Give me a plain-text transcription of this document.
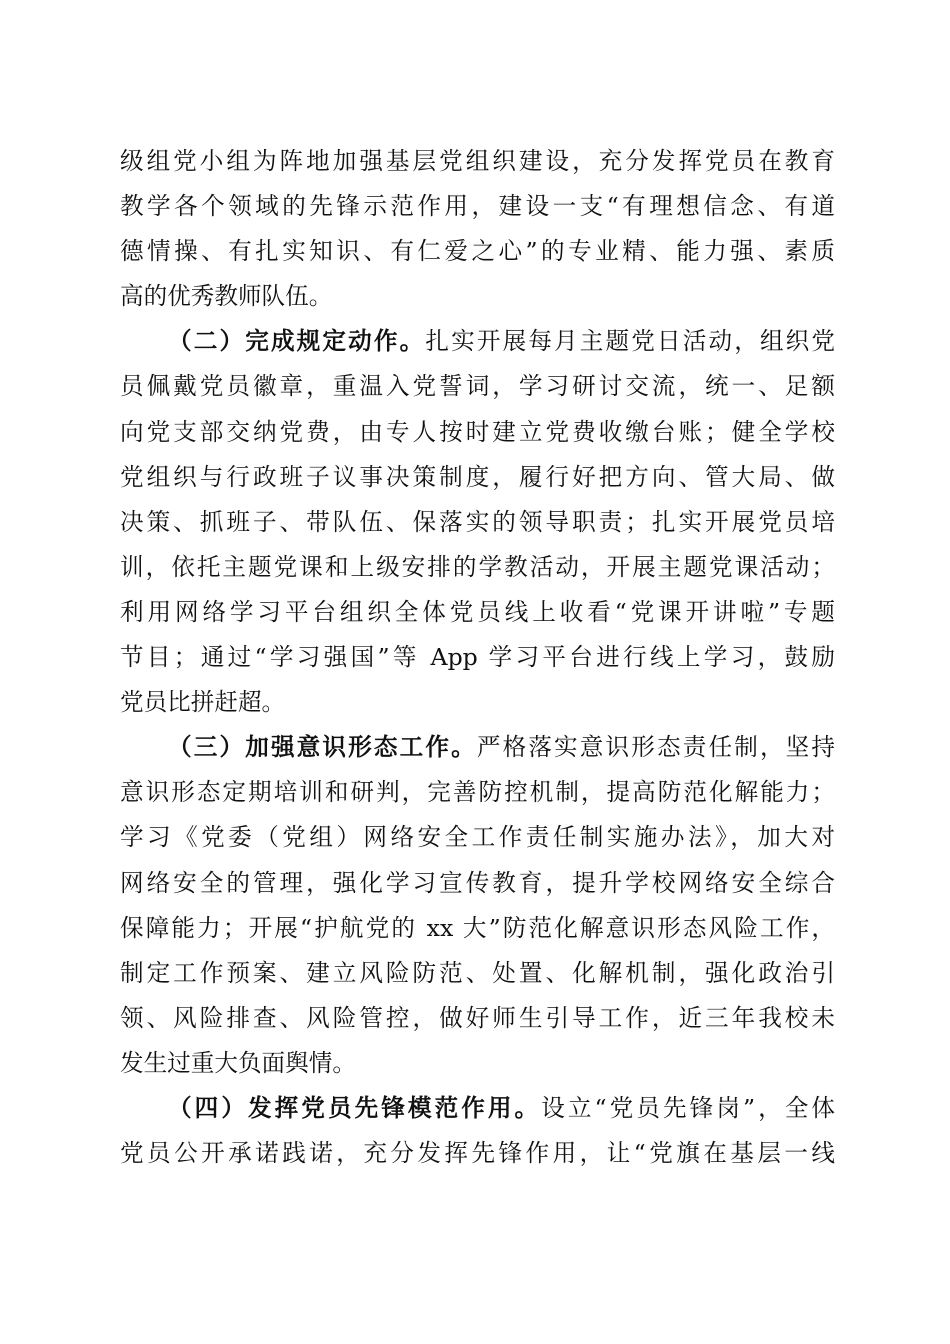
级组党小组为阵地加强基层党组织建设，充分发挥党员在教育
教学各个领域的先锋示范作用，建设一支“有理想信念、有道
德情操、有扎实知识、有仁爱之心”的专业精、能力强、素质
高的优秀教师队伍。
（二）完成规定动作。扎实开展每月主题党日活动，组织党
员佩戴党员徽章，重温入党誓词，学习研讨交流，统一、足额
向党支部交纳党费，由专人按时建立党费收缴台账；健全学校
党组织与行政班子议事决策制度，履行好把方向、管大局、做
决策、抓班子、带队伍、保落实的领导职责；扎实开展党员培
训，依托主题党课和上级安排的学教活动，开展主题党课活动；
利用网络学习平台组织全体党员线上收看“党课开讲啦”专题
节目；通过“学习强国”等 App 学习平台进行线上学习，鼓励
党员比拼赶超。
（三）加强意识形态工作。严格落实意识形态责任制，坚持
意识形态定期培训和研判，完善防控机制，提高防范化解能力；
学习《党委（党组）网络安全工作责任制实施办法》，加大对
网络安全的管理，强化学习宣传教育，提升学校网络安全综合
保障能力；开展“护航党的 xx 大”防范化解意识形态风险工作，
制定工作预案、建立风险防范、处置、化解机制，强化政治引
领、风险排查、风险管控，做好师生引导工作，近三年我校未
发生过重大负面舆情。
（四）发挥党员先锋模范作用。设立“党员先锋岗”，全体
党员公开承诺践诺，充分发挥先锋作用，让“党旗在基层一线
